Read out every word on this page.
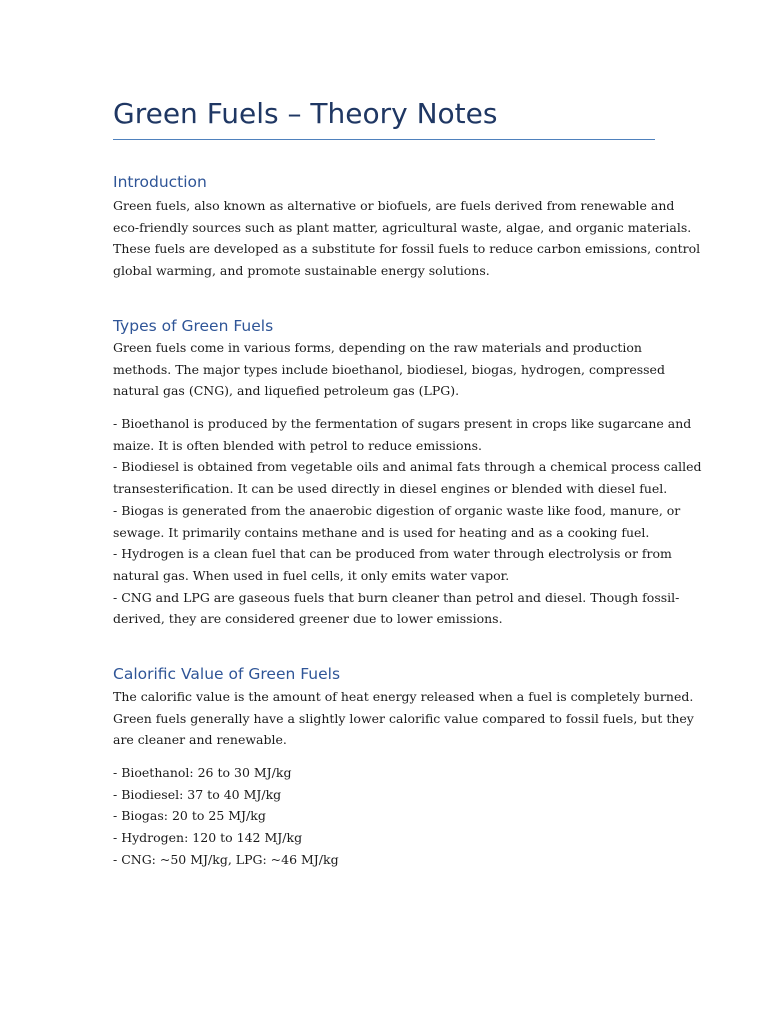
Green Fuels – Theory Notes
Introduction

Green fuels, also known as alternative or biofuels, are fuels derived from renewable and
eco-friendly sources such as plant matter, agricultural waste, algae, and organic materials.
These fuels are developed as a substitute for fossil fuels to reduce carbon emissions, control
global warming, and promote sustainable energy solutions.

Types of Green Fuels

Green fuels come in various forms, depending on the raw materials and production
methods. The major types include bioethanol, biodiesel, biogas, hydrogen, compressed
natural gas (CNG), and liquefied petroleum gas (LPG).

- Bioethanol is produced by the fermentation of sugars present in crops like sugarcane and
maize. It is often blended with petrol to reduce emissions.
- Biodiesel is obtained from vegetable oils and animal fats through a chemical process called
transesterification. It can be used directly in diesel engines or blended with diesel fuel.
- Biogas is generated from the anaerobic digestion of organic waste like food, manure, or
sewage. It primarily contains methane and is used for heating and as a cooking fuel.
- Hydrogen is a clean fuel that can be produced from water through electrolysis or from
natural gas. When used in fuel cells, it only emits water vapor.
- CNG and LPG are gaseous fuels that burn cleaner than petrol and diesel. Though fossil-
derived, they are considered greener due to lower emissions.

Calorific Value of Green Fuels

The calorific value is the amount of heat energy released when a fuel is completely burned.
Green fuels generally have a slightly lower calorific value compared to fossil fuels, but they
are cleaner and renewable.

- Bioethanol: 26 to 30 MJ/kg
- Biodiesel: 37 to 40 MJ/kg
- Biogas: 20 to 25 MJ/kg
- Hydrogen: 120 to 142 MJ/kg
- CNG: ~50 MJ/kg, LPG: ~46 MJ/kg
